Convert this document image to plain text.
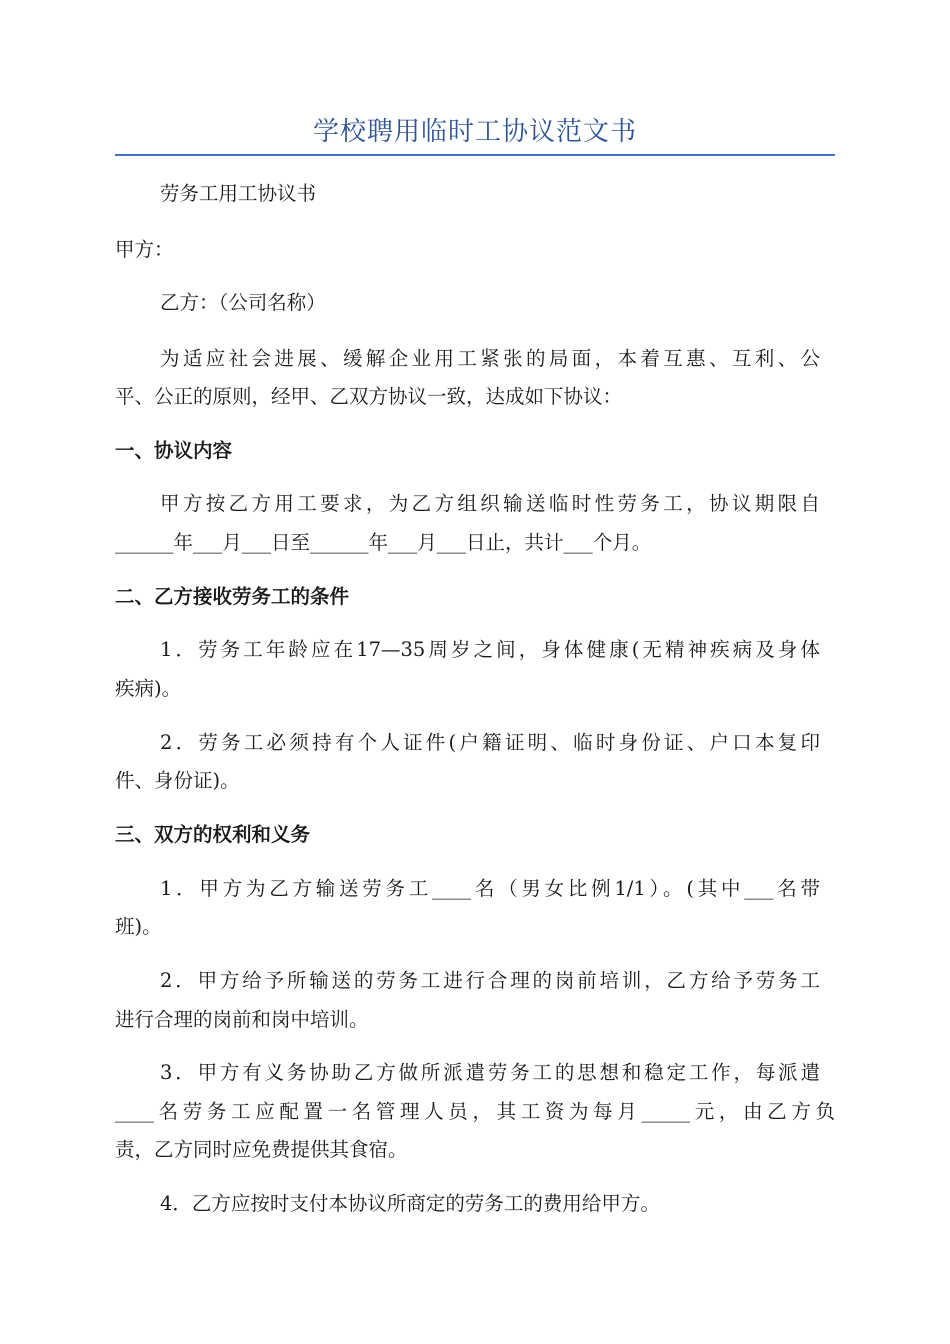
学校聘用临时工协议范文书
劳务工用工协议书
甲方：
乙方：（公司名称）
为适应社会进展、缓解企业用工紧张的局面，本着互惠、互利、公
平、公正的原则，经甲、乙双方协议一致，达成如下协议：
一、协议内容
甲方按乙方用工要求，为乙方组织输送临时性劳务工，协议期限自
______年___月___日至______年___月___日止，共计___个月。
二、乙方接收劳务工的条件
1．劳务工年龄应在17—35周岁之间，身体健康(无精神疾病及身体
疾病)。
2．劳务工必须持有个人证件(户籍证明、临时身份证、户口本复印
件、身份证)。
三、双方的权利和义务
1．甲方为乙方输送劳务工____名（男女比例1/1）。(其中___名带
班)。
2．甲方给予所输送的劳务工进行合理的岗前培训，乙方给予劳务工
进行合理的岗前和岗中培训。
3．甲方有义务协助乙方做所派遣劳务工的思想和稳定工作，每派遣
____名劳务工应配置一名管理人员，其工资为每月_____元，由乙方负
责，乙方同时应免费提供其食宿。
4．乙方应按时支付本协议所商定的劳务工的费用给甲方。
